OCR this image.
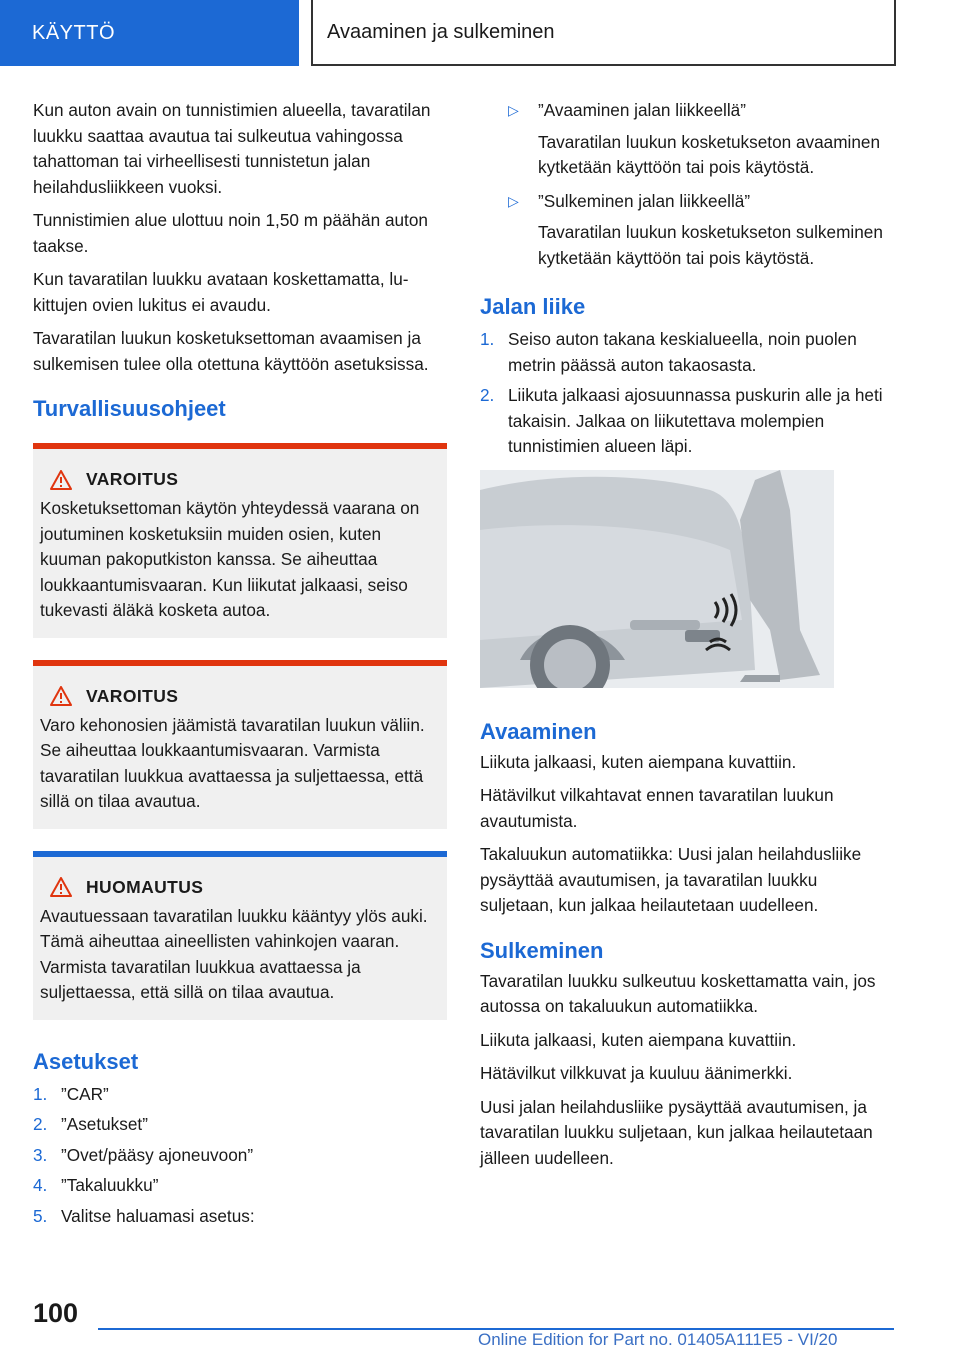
KÄYTTÖ	Avaaminen ja sulkeminen

Kun auton avain on tunnistimien alueella, tavaratilan luukku saattaa avautua tai sulkeutua vahingossa tahattoman tai virheellisesti tunnistetun jalan heilahdusliikkeen vuoksi.

Tunnistimien alue ulottuu noin 1,50 m päähän auton taakse.

Kun tavaratilan luukku avataan koskettamatta, lukittujen ovien lukitus ei avaudu.

Tavaratilan luukun kosketuksettoman avaamisen ja sulkemisen tulee olla otettuna käyttöön asetuksissa.

Turvallisuusohjeet
VAROITUS

Kosketuksettoman käytön yhteydessä vaarana on joutuminen kosketuksiin muiden osien, kuten kuuman pakoputkiston kanssa. Se aiheuttaa loukkaantumisvaaran. Kun liikutat jalkaasi, seiso tukevasti äläkä kosketa autoa.

VAROITUS

Varo kehonosien jäämistä tavaratilan luukun väliin. Se aiheuttaa loukkaantumisvaaran. Varmista tavaratilan luukkua avattaessa ja suljettaessa, että sillä on tilaa avautua.

HUOMAUTUS

Avautuessaan tavaratilan luukku kääntyy ylös auki. Tämä aiheuttaa aineellisten vahinkojen vaaran. Varmista tavaratilan luukkua avattaessa ja suljettaessa, että sillä on tilaa avautua.

Asetukset
1. ”CAR”
2. ”Asetukset”
3. ”Ovet/pääsy ajoneuvoon”
4. ”Takaluukku”
5. Valitse haluamasi asetus:
▷	”Avaaminen jalan liikkeellä”
Tavaratilan luukun kosketukseton avaaminen kytketään käyttöön tai pois käytöstä.
▷	”Sulkeminen jalan liikkeellä”
Tavaratilan luukun kosketukseton sulkeminen kytketään käyttöön tai pois käytöstä.
Jalan liike
1. Seiso auton takana keskialueella, noin puolen metrin päässä auton takaosasta.
2. Liikuta jalkaasi ajosuunnassa puskurin alle ja heti takaisin. Jalkaa on liikutettava molempien tunnistimien alueen läpi.
Avaaminen

Liikuta jalkaasi, kuten aiempana kuvattiin.

Hätävilkut vilkahtavat ennen tavaratilan luukun avautumista.

Takaluukun automatiikka: Uusi jalan heilahdusliike pysäyttää avautumisen, ja tavaratilan luukku suljetaan, kun jalkaa heilautetaan uudelleen.

Sulkeminen

Tavaratilan luukku sulkeutuu koskettamatta vain, jos autossa on takaluukun automatiikka.

Liikuta jalkaasi, kuten aiempana kuvattiin.

Hätävilkut vilkkuvat ja kuuluu äänimerkki.

Uusi jalan heilahdusliike pysäyttää avautumisen, ja tavaratilan luukku suljetaan, kun jalkaa heilautetaan jälleen uudelleen.

100
Online Edition for Part no. 01405A111E5 - VI/20
